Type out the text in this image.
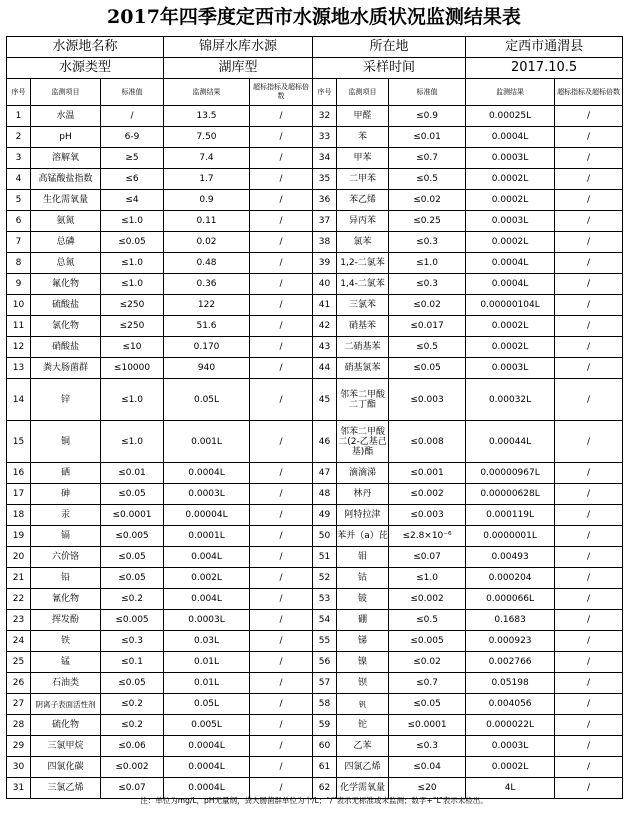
2017年四季度定西市水源地水质状况监测结果表
水源地名称			锦屏水库水源		所在地			定西市通渭县	
水源类型			湖库型		采样时间			2017.10.5	
序号	监测项目	标准值	监测结果	超标指标及超标倍数	序号	监测项目	标准值	监测结果	超标指标及超标倍数
1	水温	/	13.5	/	32	甲醛	≤0.9	0.00025L	/
2	pH	6-9	7.50	/	33	苯	≤0.01	0.0004L	/
3	溶解氧	≥5	7.4	/	34	甲苯	≤0.7	0.0003L	/
4	高锰酸盐指数	≤6	1.7	/	35	二甲苯	≤0.5	0.0002L	/
5	生化需氧量	≤4	0.9	/	36	苯乙烯	≤0.02	0.0002L	/
6	氨氮	≤1.0	0.11	/	37	异丙苯	≤0.25	0.0003L	/
7	总磷	≤0.05	0.02	/	38	氯苯	≤0.3	0.0002L	/
8	总氮	≤1.0	0.48	/	39	1,2-二氯苯	≤1.0	0.0004L	/
9	氟化物	≤1.0	0.36	/	40	1,4-二氯苯	≤0.3	0.0004L	/
10	硫酸盐	≤250	122	/	41	三氯苯	≤0.02	0.00000104L	/
11	氯化物	≤250	51.6	/	42	硝基苯	≤0.017	0.0002L	/
12	硝酸盐	≤10	0.170	/	43	二硝基苯	≤0.5	0.0002L	/
13	粪大肠菌群	≤10000	940	/	44	硝基氯苯	≤0.05	0.0003L	/
14	锌	≤1.0	0.05L	/	45	邻苯二甲酸二丁酯	≤0.003	0.00032L	/
15	铜	≤1.0	0.001L	/	46	邻苯二甲酸二(2-乙基己基)酯	≤0.008	0.00044L	/
16	硒	≤0.01	0.0004L	/	47	滴滴涕	≤0.001	0.00000967L	/
17	砷	≤0.05	0.0003L	/	48	林丹	≤0.002	0.00000628L	/
18	汞	≤0.0001	0.00004L	/	49	阿特拉津	≤0.003	0.000119L	/
19	镉	≤0.005	0.0001L	/	50	苯并（a）芘	≤2.8×10⁻⁶	0.0000001L	/
20	六价铬	≤0.05	0.004L	/	51	钼	≤0.07	0.00493	/
21	铅	≤0.05	0.002L	/	52	钴	≤1.0	0.000204	/
22	氰化物	≤0.2	0.004L	/	53	铍	≤0.002	0.000066L	/
23	挥发酚	≤0.005	0.0003L	/	54	硼	≤0.5	0.1683	/
24	铁	≤0.3	0.03L	/	55	锑	≤0.005	0.000923	/
25	锰	≤0.1	0.01L	/	56	镍	≤0.02	0.002766	/
26	石油类	≤0.05	0.01L	/	57	钡	≤0.7	0.05198	/
27	阴离子表面活性剂	≤0.2	0.05L	/	58	钒	≤0.05	0.004056	/
28	硫化物	≤0.2	0.005L	/	59	铊	≤0.0001	0.000022L	/
29	三氯甲烷	≤0.06	0.0004L	/	60	乙苯	≤0.3	0.0003L	/
30	四氯化碳	≤0.002	0.0004L	/	61	四氯乙烯	≤0.04	0.0002L	/
31	三氯乙烯	≤0.07	0.0004L	/	62	化学需氧量	≤20	4L	/
注：单位为mg/L，pH无量纲，粪大肠菌群单位为个/L；“/”表示无标准或未监测；数字+“L”表示未检出。
